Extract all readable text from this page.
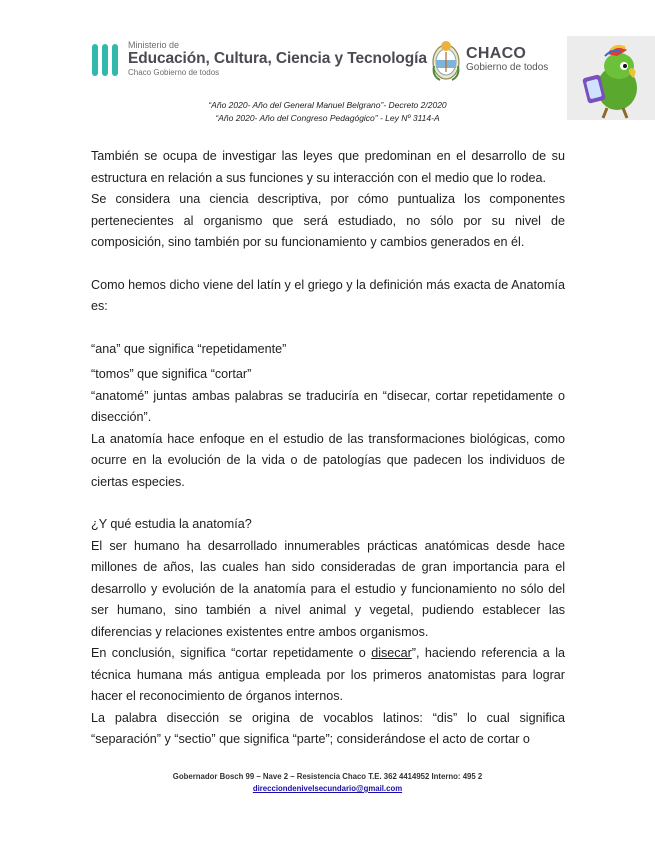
Ministerio de
Educación, Cultura, Ciencia y Tecnología
Chaco Gobierno de todos
CHACO
Gobierno de todos
“Año 2020- Año del General Manuel Belgrano”- Decreto 2/2020
“Año 2020- Año del Congreso Pedagógico” - Ley Nº 3114-A

También se ocupa de investigar las leyes que predominan en el desarrollo de su estructura en relación a sus funciones y su interacción con el medio que lo rodea.

Se considera una ciencia descriptiva, por cómo puntualiza los componentes pertenecientes al organismo que será estudiado, no sólo por su nivel de composición, sino también por su funcionamiento y cambios generados en él.

Como hemos dicho viene del latín y el griego y la definición más exacta de Anatomía es:

“ana” que significa “repetidamente”

“tomos” que significa “cortar”

“anatomé” juntas ambas palabras se traduciría en “disecar, cortar repetidamente o disección”.

La anatomía hace enfoque en el estudio de las transformaciones biológicas, como ocurre en la evolución de la vida o de patologías que padecen los individuos de ciertas especies.

¿Y qué estudia la anatomía?

El ser humano ha desarrollado innumerables prácticas anatómicas desde hace millones de años, las cuales han sido consideradas de gran importancia para el desarrollo y evolución de la anatomía para el estudio y funcionamiento no sólo del ser humano, sino también a nivel animal y vegetal, pudiendo establecer las diferencias y relaciones existentes entre ambos organismos.

En conclusión, significa “cortar repetidamente o disecar”, haciendo referencia a la técnica humana más antigua empleada por los primeros anatomistas para lograr hacer el reconocimiento de órganos internos.

La palabra disección se origina de vocablos latinos: “dis” lo cual significa “separación” y “sectio” que significa “parte”; considerándose el acto de cortar o

Gobernador Bosch 99 – Nave 2 – Resistencia Chaco T.E. 362 4414952 Interno: 495 2
direcciondenivelsecundario@gmail.com
